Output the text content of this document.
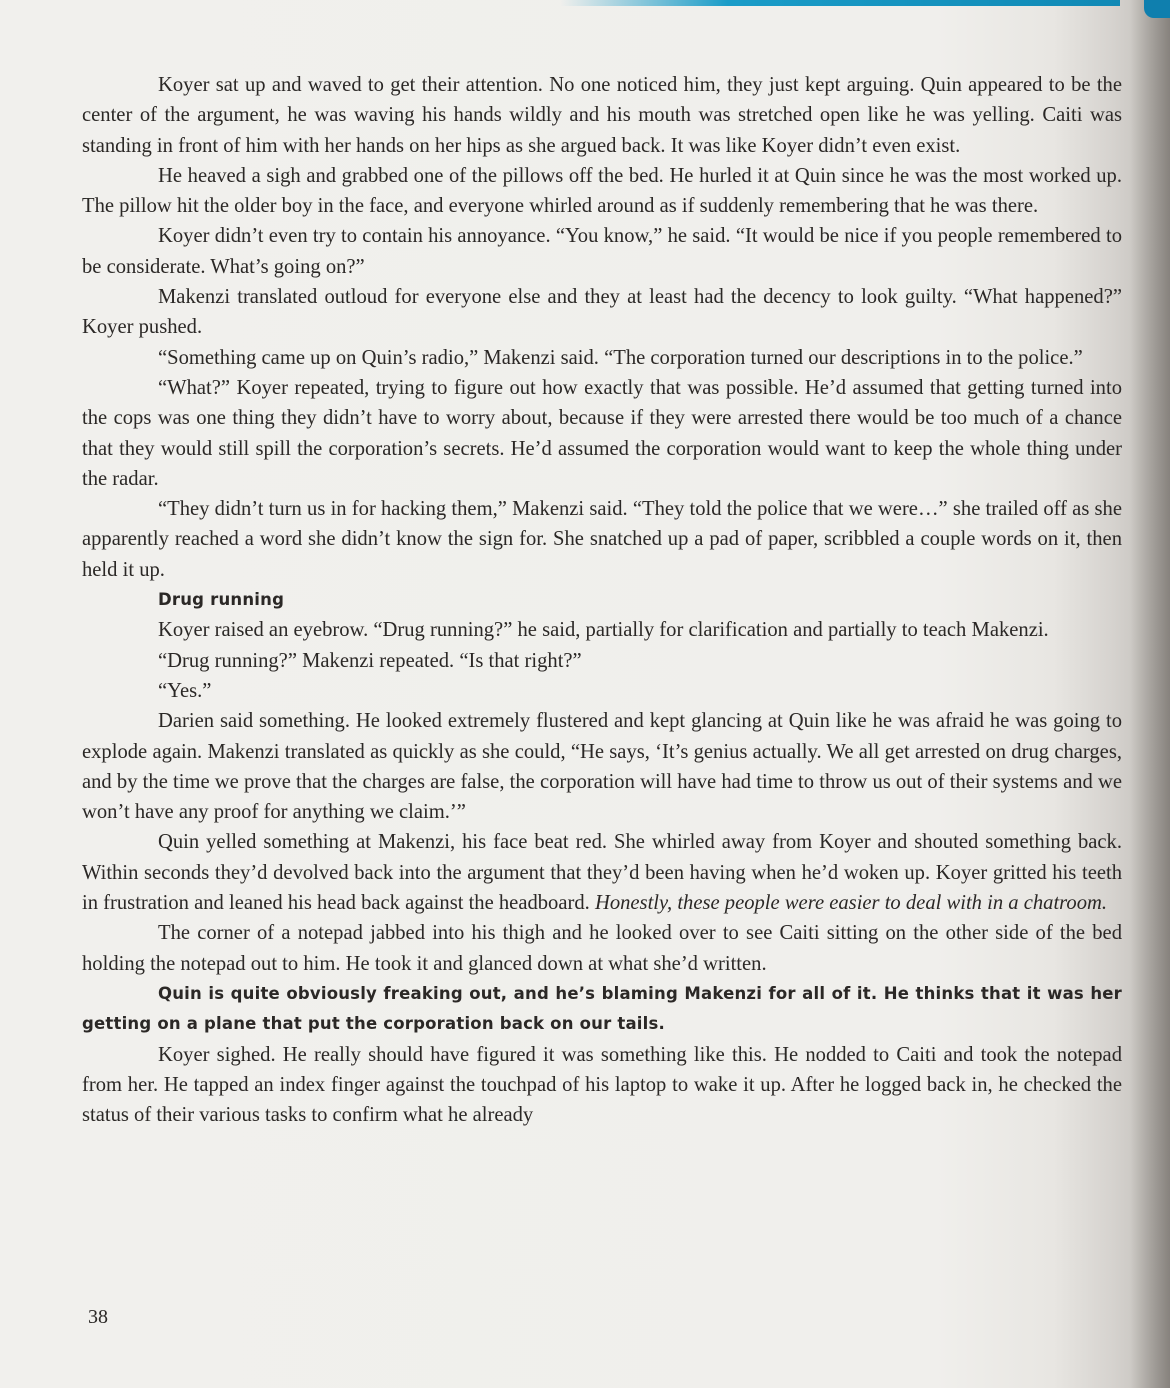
Koyer sat up and waved to get their attention. No one noticed him, they just kept arguing. Quin appeared to be the center of the argument, he was waving his hands wildly and his mouth was stretched open like he was yelling. Caiti was standing in front of him with her hands on her hips as she argued back. It was like Koyer didn’t even exist.

He heaved a sigh and grabbed one of the pillows off the bed. He hurled it at Quin since he was the most worked up. The pillow hit the older boy in the face, and everyone whirled around as if suddenly remembering that he was there.

Koyer didn’t even try to contain his annoyance. “You know,” he said. “It would be nice if you people remembered to be considerate. What’s going on?”

Makenzi translated outloud for everyone else and they at least had the decency to look guilty. “What happened?” Koyer pushed.

“Something came up on Quin’s radio,” Makenzi said. “The corporation turned our descriptions in to the police.”

“What?” Koyer repeated, trying to figure out how exactly that was possible. He’d assumed that getting turned into the cops was one thing they didn’t have to worry about, because if they were arrested there would be too much of a chance that they would still spill the corporation’s secrets. He’d assumed the corporation would want to keep the whole thing under the radar.

“They didn’t turn us in for hacking them,” Makenzi said. “They told the police that we were…” she trailed off as she apparently reached a word she didn’t know the sign for. She snatched up a pad of paper, scribbled a couple words on it, then held it up.

Drug running

Koyer raised an eyebrow. “Drug running?” he said, partially for clarification and partially to teach Makenzi.

“Drug running?” Makenzi repeated. “Is that right?”

“Yes.”

Darien said something. He looked extremely flustered and kept glancing at Quin like he was afraid he was going to explode again. Makenzi translated as quickly as she could, “He says, ‘It’s genius actually. We all get arrested on drug charges, and by the time we prove that the charges are false, the corporation will have had time to throw us out of their systems and we won’t have any proof for anything we claim.’”

Quin yelled something at Makenzi, his face beat red. She whirled away from Koyer and shouted something back. Within seconds they’d devolved back into the argument that they’d been having when he’d woken up. Koyer gritted his teeth in frustration and leaned his head back against the headboard. Honestly, these people were easier to deal with in a chatroom.

The corner of a notepad jabbed into his thigh and he looked over to see Caiti sitting on the other side of the bed holding the notepad out to him. He took it and glanced down at what she’d written.

Quin is quite obviously freaking out, and he’s blaming Makenzi for all of it. He thinks that it was her getting on a plane that put the corporation back on our tails.

Koyer sighed. He really should have figured it was something like this. He nodded to Caiti and took the notepad from her. He tapped an index finger against the touchpad of his laptop to wake it up. After he logged back in, he checked the status of their various tasks to confirm what he already

38
